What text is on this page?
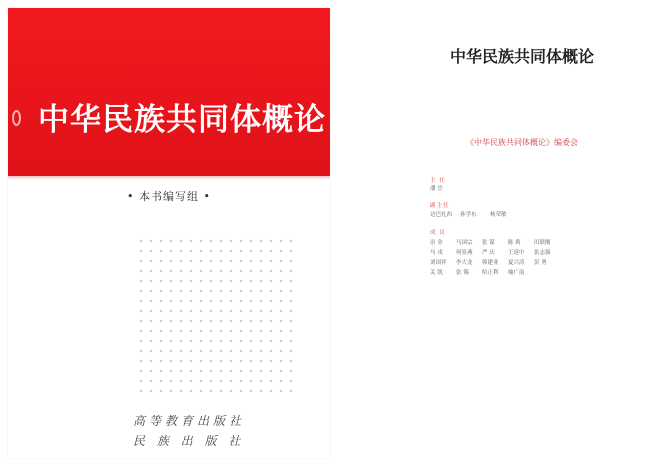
中华民族共同体概论
• 本书编写组 •
高等教育出版社
民 族 出 版 社
中华民族共同体概论
《中华民族共同体概论》编委会
主 任
潘 岳
副主任
边巴扎西	孙学东	杨荣敏
成 员
崇 金	马国宗	张 谋	陈 莉	田联刚
马 戎	何景燕	严 庆	王延中	张志强
刘国祥	李大龙	韩建业	夏兴涛	彭 勇
关 凯	张 锡	哈正利	喻广南
